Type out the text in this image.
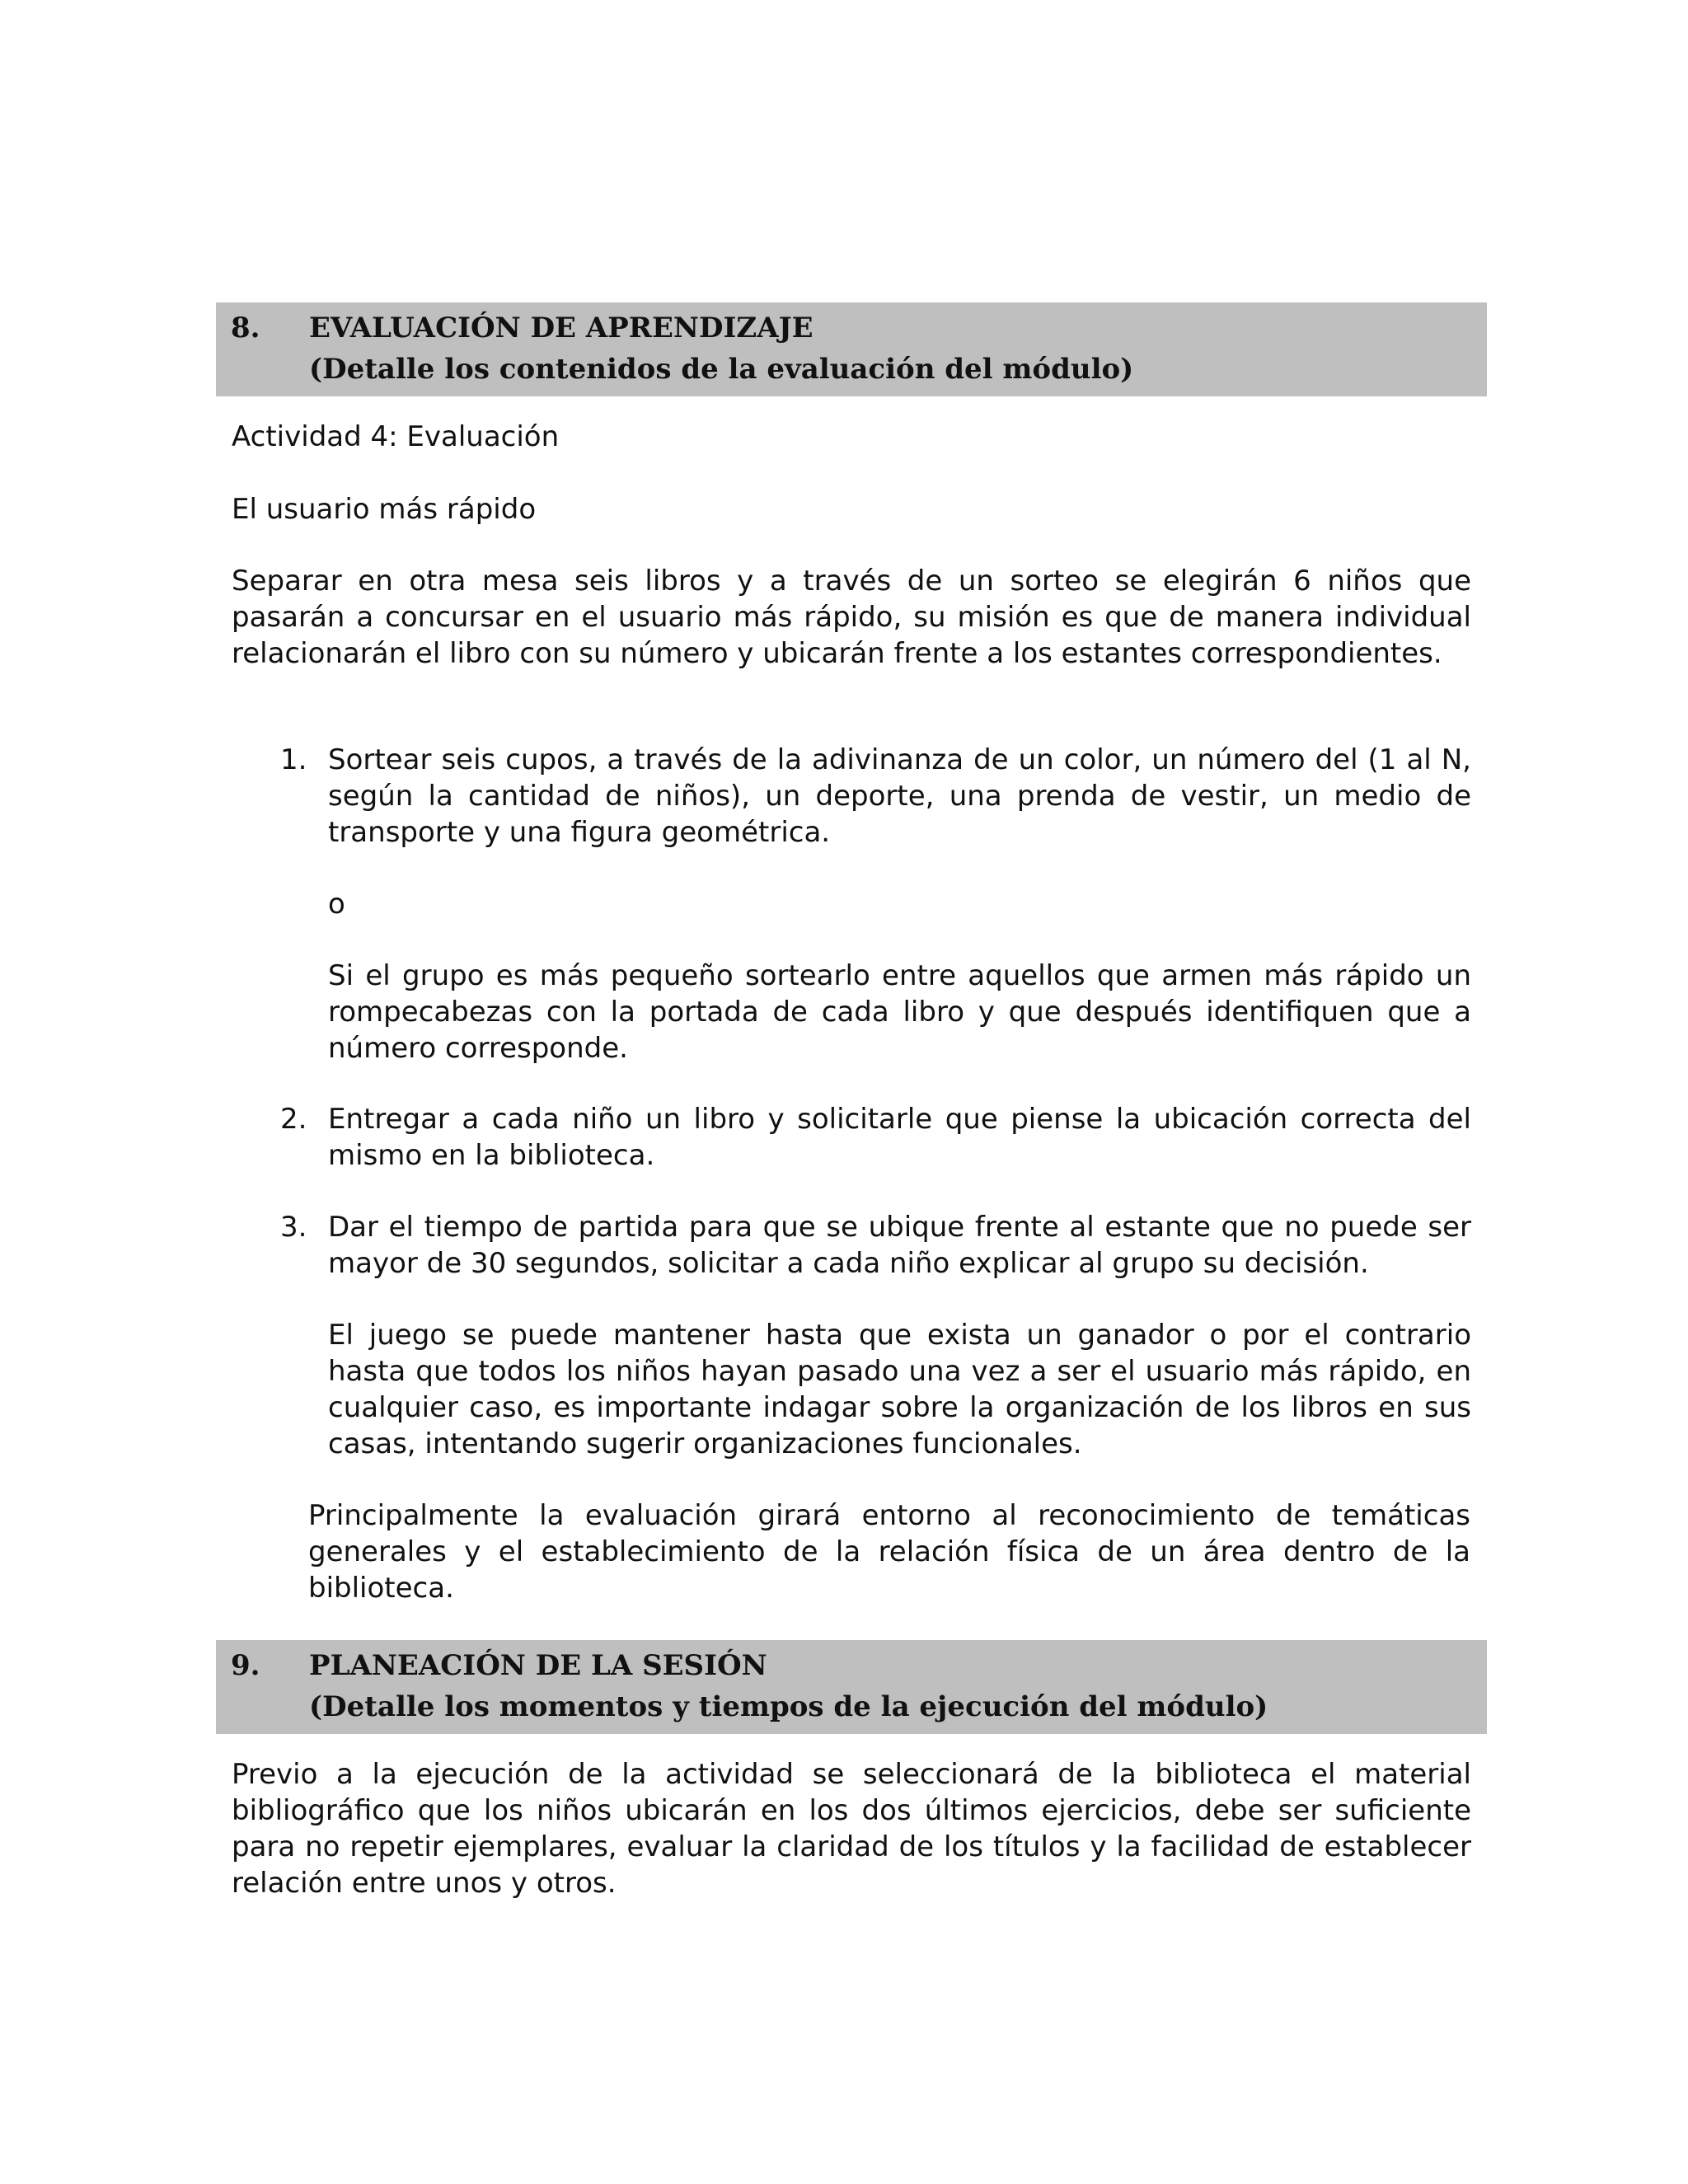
8.	EVALUACIÓN DE APRENDIZAJE
(Detalle los contenidos de la evaluación del módulo)

Actividad 4: Evaluación

El usuario más rápido

Separar en otra mesa seis libros y a través de un sorteo se elegirán 6 niños que pasarán a concursar en el usuario más rápido, su misión es que de manera individual relacionarán el libro con su número y ubicarán frente a los estantes correspondientes.

1. Sortear seis cupos, a través de la adivinanza de un color, un número del (1 al N, según la cantidad de niños), un deporte, una prenda de vestir, un medio de transporte y una figura geométrica.
o
Si el grupo es más pequeño sortearlo entre aquellos que armen más rápido un rompecabezas con la portada de cada libro y que después identifiquen que a número corresponde.
2. Entregar a cada niño un libro y solicitarle que piense la ubicación correcta del mismo en la biblioteca.
3. Dar el tiempo de partida para que se ubique frente al estante que no puede ser mayor de 30 segundos, solicitar a cada niño explicar al grupo su decisión.
El juego se puede mantener hasta que exista un ganador o por el contrario hasta que todos los niños hayan pasado una vez a ser el usuario más rápido, en cualquier caso, es importante indagar sobre la organización de los libros en sus casas, intentando sugerir organizaciones funcionales.

Principalmente la evaluación girará entorno al reconocimiento de temáticas generales y el establecimiento de la relación física de un área dentro de la biblioteca.

9.	PLANEACIÓN DE LA SESIÓN
(Detalle los momentos y tiempos de la ejecución del módulo)

Previo a la ejecución de la actividad se seleccionará de la biblioteca el material bibliográfico que los niños ubicarán en los dos últimos ejercicios, debe ser suficiente para no repetir ejemplares, evaluar la claridad de los títulos y la facilidad de establecer relación entre unos y otros.
